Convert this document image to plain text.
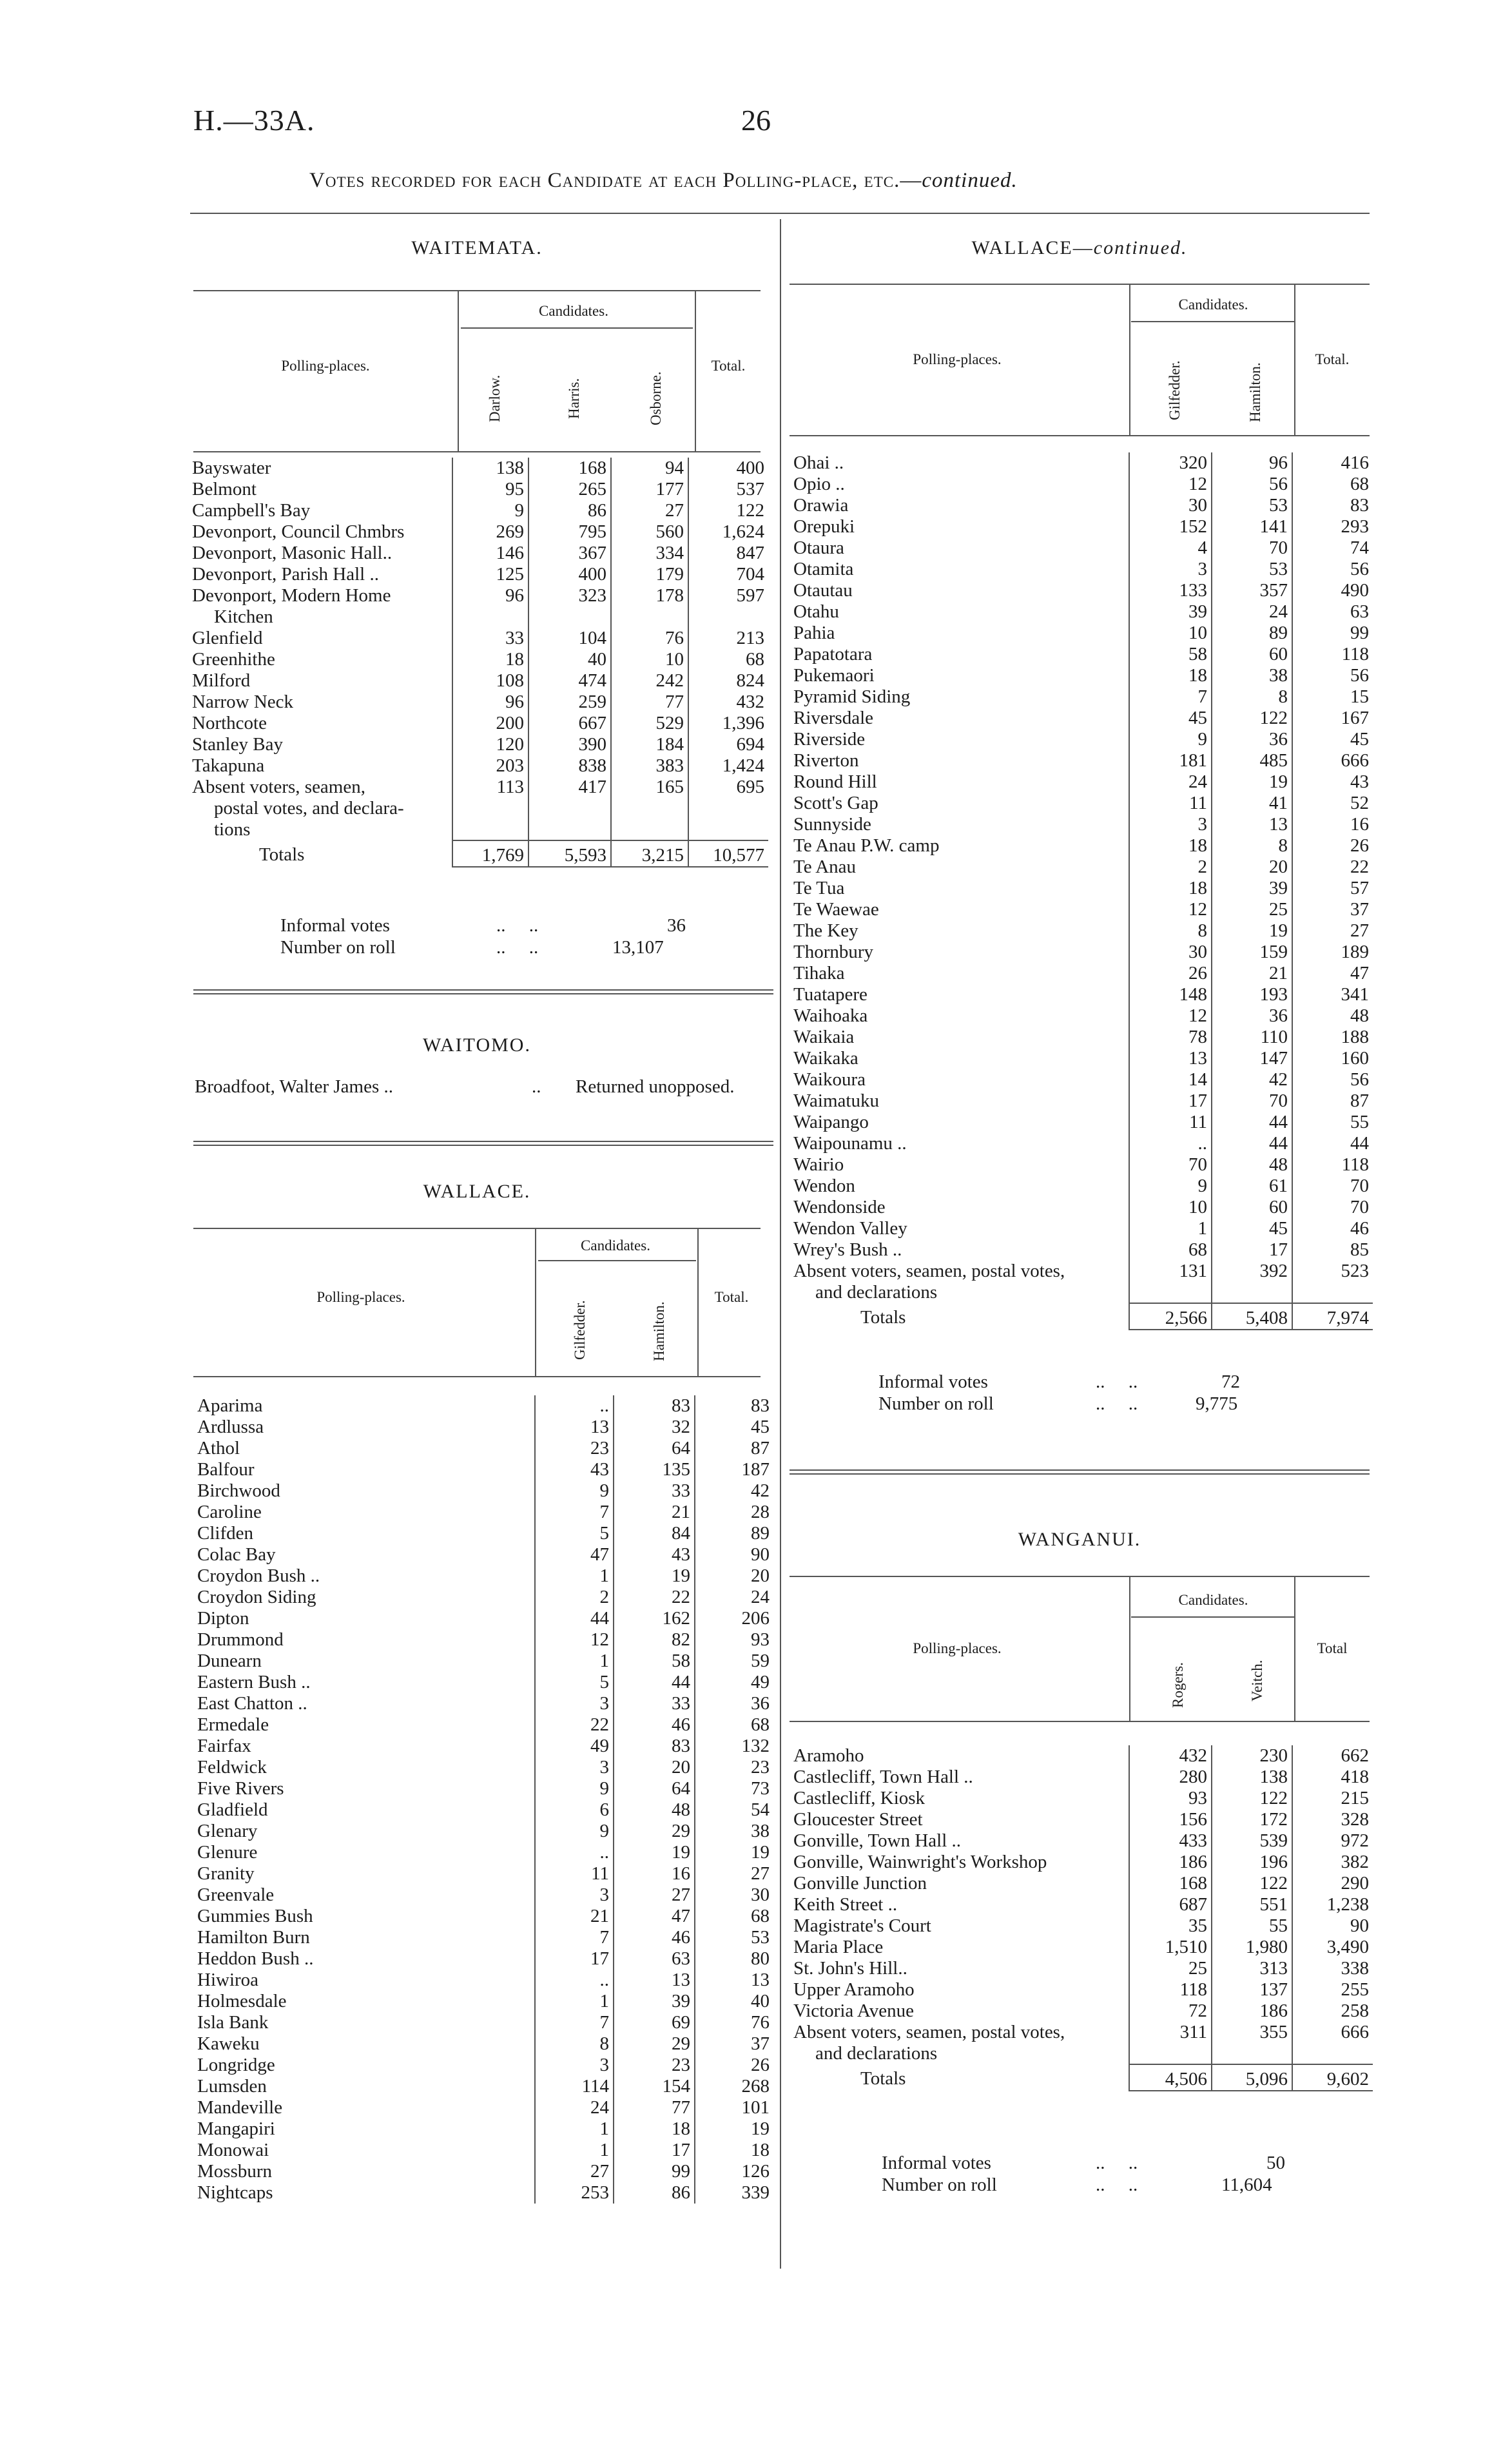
H.—33A.	26
Votes recorded for each Candidate at each Polling-place, etc.—continued.
WAITEMATA.
Polling-places.
Candidates.
Darlow.	Harris.	Osborne.
Total.
Bayswater	138	168	94	400
Belmont	95	265	177	537
Campbell's Bay	9	86	27	122
Devonport, Council Chmbrs	269	795	560	1,624
Devonport, Masonic Hall..	146	367	334	847
Devonport, Parish Hall ..	125	400	179	704
Devonport, Modern Home	96	323	178	597
Kitchen				
Glenfield	33	104	76	213
Greenhithe	18	40	10	68
Milford	108	474	242	824
Narrow Neck	96	259	77	432
Northcote	200	667	529	1,396
Stanley Bay	120	390	184	694
Takapuna	203	838	383	1,424
Absent voters, seamen,	113	417	165	695
postal votes, and declara-				
tions				
Totals	1,769	5,593	3,215	10,577
Informal votes	..     ..	36
Number on roll	..     ..	13,107
WAITOMO.
Broadfoot, Walter James ..	.. Returned unopposed.
WALLACE.
Polling-places.
Candidates.
Gilfedder.	Hamilton.
Total.
Aparima	..	83	83
Ardlussa	13	32	45
Athol	23	64	87
Balfour	43	135	187
Birchwood	9	33	42
Caroline	7	21	28
Clifden	5	84	89
Colac Bay	47	43	90
Croydon Bush ..	1	19	20
Croydon Siding	2	22	24
Dipton	44	162	206
Drummond	12	82	93
Dunearn	1	58	59
Eastern Bush ..	5	44	49
East Chatton ..	3	33	36
Ermedale	22	46	68
Fairfax	49	83	132
Feldwick	3	20	23
Five Rivers	9	64	73
Gladfield	6	48	54
Glenary	9	29	38
Glenure	..	19	19
Granity	11	16	27
Greenvale	3	27	30
Gummies Bush	21	47	68
Hamilton Burn	7	46	53
Heddon Bush ..	17	63	80
Hiwiroa	..	13	13
Holmesdale	1	39	40
Isla Bank	7	69	76
Kaweku	8	29	37
Longridge	3	23	26
Lumsden	114	154	268
Mandeville	24	77	101
Mangapiri	1	18	19
Monowai	1	17	18
Mossburn	27	99	126
Nightcaps	253	86	339
WALLACE—continued.
Polling-places.
Candidates.
Gilfedder.	Hamilton.
Total.
Ohai ..	320	96	416
Opio ..	12	56	68
Orawia	30	53	83
Orepuki	152	141	293
Otaura	4	70	74
Otamita	3	53	56
Otautau	133	357	490
Otahu	39	24	63
Pahia	10	89	99
Papatotara	58	60	118
Pukemaori	18	38	56
Pyramid Siding	7	8	15
Riversdale	45	122	167
Riverside	9	36	45
Riverton	181	485	666
Round Hill	24	19	43
Scott's Gap	11	41	52
Sunnyside	3	13	16
Te Anau P.W. camp	18	8	26
Te Anau	2	20	22
Te Tua	18	39	57
Te Waewae	12	25	37
The Key	8	19	27
Thornbury	30	159	189
Tihaka	26	21	47
Tuatapere	148	193	341
Waihoaka	12	36	48
Waikaia	78	110	188
Waikaka	13	147	160
Waikoura	14	42	56
Waimatuku	17	70	87
Waipango	11	44	55
Waipounamu ..	..	44	44
Wairio	70	48	118
Wendon	9	61	70
Wendonside	10	60	70
Wendon Valley	1	45	46
Wrey's Bush ..	68	17	85
Absent voters, seamen, postal votes,	131	392	523
and declarations			
Totals	2,566	5,408	7,974
Informal votes	..     ..	72
Number on roll	..     ..	9,775
WANGANUI.
Polling-places.
Candidates.
Rogers.	Veitch.
Total
Aramoho	432	230	662
Castlecliff, Town Hall ..	280	138	418
Castlecliff, Kiosk	93	122	215
Gloucester Street	156	172	328
Gonville, Town Hall ..	433	539	972
Gonville, Wainwright's Workshop	186	196	382
Gonville Junction	168	122	290
Keith Street ..	687	551	1,238
Magistrate's Court	35	55	90
Maria Place	1,510	1,980	3,490
St. John's Hill..	25	313	338
Upper Aramoho	118	137	255
Victoria Avenue	72	186	258
Absent voters, seamen, postal votes,	311	355	666
and declarations			
Totals	4,506	5,096	9,602
Informal votes	..     ..	50
Number on roll	..     ..	11,604
